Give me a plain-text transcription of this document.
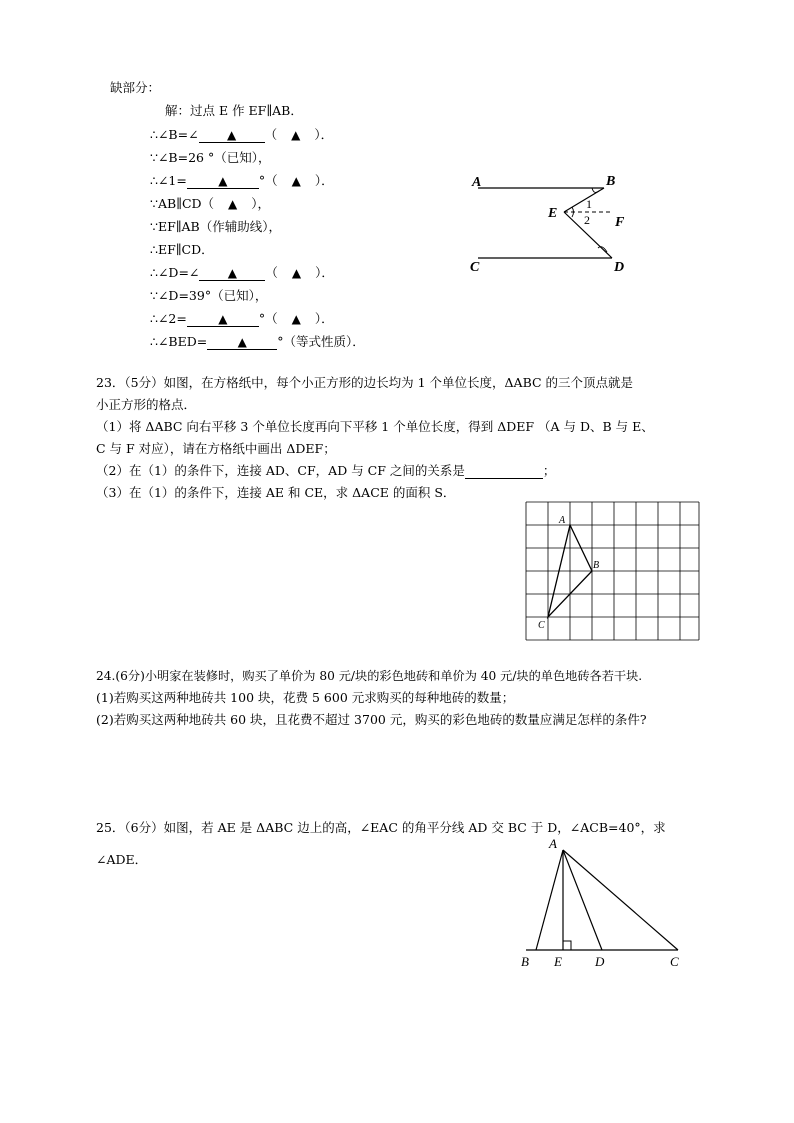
缺部分：
解：过点 E 作 EF∥AB．
∴∠B=∠ ▲ （ ▲ ）．
∵∠B=26 °（已知），
∴∠1=	▲	°（ ▲ ）．
∵AB∥CD（ ▲ ），
∵EF∥AB（作辅助线），
∴EF∥CD．
∴∠D=∠ ▲ （ ▲ ）．
∵∠D=39°（已知），
∴∠2=	▲	°（ ▲ ）．
∴∠BED=	▲ °（等式性质）．
A	B
C	D
E
F
1
2
23．（5分）如图，在方格纸中，每个小正方形的边长均为 1 个单位长度，ΔABC 的三个顶点就是
小正方形的格点．
（1）将 ΔABC 向右平移 3 个单位长度再向下平移 1 个单位长度，得到 ΔDEF （A 与 D、B 与 E、
C 与 F 对应），请在方格纸中画出 ΔDEF；
（2）在（1）的条件下，连接 AD、CF，AD 与 CF 之间的关系是	；
（3）在（1）的条件下，连接 AE 和 CE，求 ΔACE 的面积 S．
A
B
C
24.(6分)小明家在装修时，购买了单价为 80 元/块的彩色地砖和单价为 40 元/块的单色地砖各若干块.
(1)若购买这两种地砖共 100 块，花费 5 600 元求购买的每种地砖的数量；
(2)若购买这两种地砖共 60 块，且花费不超过 3700 元，购买的彩色地砖的数量应满足怎样的条件?
25．（6分）如图，若 AE 是 ΔABC 边上的高，∠EAC 的角平分线 AD 交 BC 于 D，∠ACB=40°，求
∠ADE．
A
B E	D	C
